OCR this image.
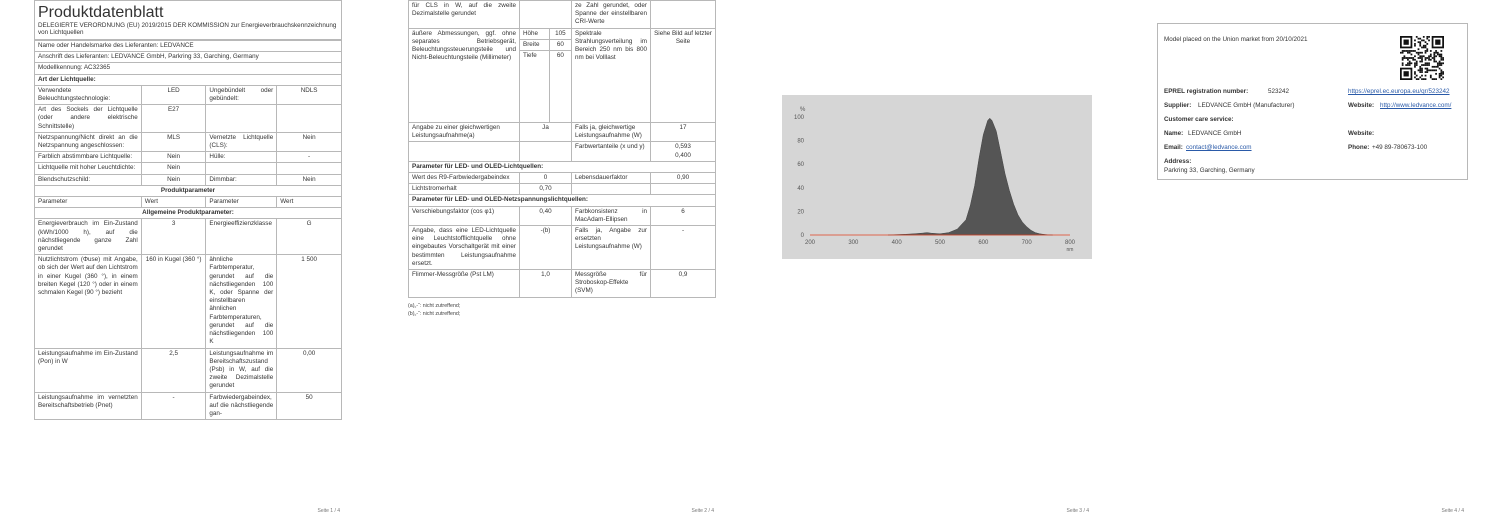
Produktdatenblatt
DELEGIERTE VERORDNUNG (EU) 2019/2015 DER KOMMISSION zur Energieverbrauchskennzeichnung von Lichtquellen
Name oder Handelsmarke des Lieferanten: LEDVANCE			
Anschrift des Lieferanten: LEDVANCE GmbH, Parkring 33, Garching, Germany			
Modellkennung: AC32365			
Art der Lichtquelle:			
Verwendete Beleuchtungstechnologie:	LED	Ungebündelt oder gebündelt:	NDLS
Art des Sockels der Lichtquelle (oder andere elektrische Schnittstelle)	E27		
Netzspannung/Nicht direkt an die Netzspannung angeschlossen:	MLS	Vernetzte Lichtquelle (CLS):	Nein
Farblich abstimmbare Lichtquelle:	Nein	Hülle:	-
Lichtquelle mit hoher Leuchtdichte:	Nein		
Blendschutzschild:	Nein	Dimmbar:	Nein
Produktparameter			
Parameter	Wert	Parameter	Wert
Allgemeine Produktparameter:			
Energieverbrauch im Ein-Zustand (kWh/1000 h), auf die nächstliegende ganze Zahl gerundet	3	Energieeffizienzklasse	G
Nutzlichtstrom (Φuse) mit Angabe, ob sich der Wert auf den Lichtstrom in einer Kugel (360 °), in einem breiten Kegel (120 °) oder in einem schmalen Kegel (90 °) bezieht	160 in Kugel (360 °)	ähnliche Farbtemperatur, gerundet auf die nächstliegenden 100 K, oder Spanne der einstellbaren ähnlichen Farbtemperaturen, gerundet auf die nächstliegenden 100 K	1 500
Leistungsaufnahme im Ein-Zustand (Pon) in W	2,5	Leistungsaufnahme im Bereitschaftszustand (Psb) in W, auf die zweite Dezimalstelle gerundet	0,00
Leistungsaufnahme im vernetzten Bereitschaftsbetrieb (Pnet)	-	Farbwiedergabeindex, auf die nächstliegende gan-	50
Seite 1 / 4
für CLS in W, auf die zweite Dezimalstelle gerundet			ze Zahl gerundet, oder Spanne der einstellbaren CRI-Werte	
äußere Abmessungen, ggf. ohne separates Betriebsgerät, Beleuchtungssteuerungsteile und Nicht-Beleuchtungsteile (Millimeter)	Höhe	105	Spektrale Strahlungsverteilung im Bereich 250 nm bis 800 nm bei Volllast	Siehe Bild auf letzter Seite
	Breite	60		
	Tiefe	60		
Angabe zu einer gleichwertigen Leistungsaufnahme(a)	Ja		Falls ja, gleichwertige Leistungsaufnahme (W)	17
			Farbwertanteile (x und y)	0,593
0,400
Parameter für LED- und OLED-Lichtquellen:				
Wert des R9-Farbwiedergabeindex	0		Lebensdauerfaktor	0,90
Lichtstromerhalt	0,70			
Parameter für LED- und OLED-Netzspannungslichtquellen:				
Verschiebungsfaktor (cos φ1)	0,40		Farbkonsistenz in MacAdam-Ellipsen	6
Angabe, dass eine LED-Lichtquelle eine Leuchtstofflichtquelle ohne eingebautes Vorschaltgerät mit einer bestimmten Leistungsaufnahme ersetzt.	-(b)		Falls ja, Angabe zur ersetzten Leistungsaufnahme (W)	-
Flimmer-Messgröße (Pst LM)	1,0		Messgröße für Stroboskop-Effekte (SVM)	0,9
(a)„-“: nicht zutreffend;
(b)„-“: nicht zutreffend;
Seite 2 / 4
0
20
40
60
80
100
200	300	400	500	600	700	800
%
nm
Seite 3 / 4	Seite 4 / 4
Model placed on the Union market from 20/10/2021
EPREL registration number:	523242	https://eprel.ec.europa.eu/qr/523242
Supplier: LEDVANCE GmbH (Manufacturer)	Website: http://www.ledvance.com/
Customer care service:
Name: LEDVANCE GmbH	Website:
Email: contact@ledvance.com	Phone: +49 89-780673-100
Address:
Parkring 33, Garching, Germany
